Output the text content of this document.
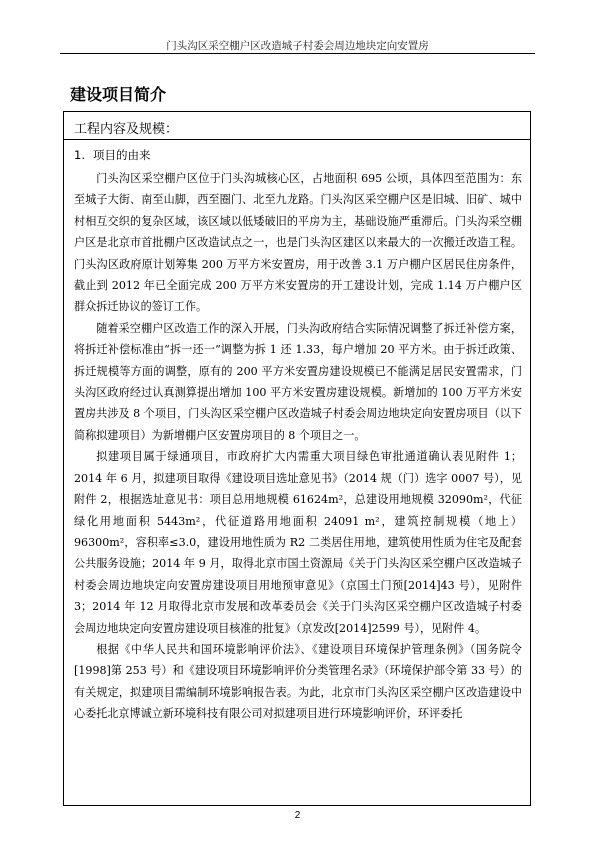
门头沟区采空棚户区改造城子村委会周边地块定向安置房
建设项目简介
工程内容及规模：
1. 项目的由来

门头沟区采空棚户区位于门头沟城核心区，占地面积 695 公顷，具体四至范围为：东至城子大街、南至山脚，西至圈门、北至九龙路。门头沟区采空棚户区是旧城、旧矿、城中村相互交织的复杂区域，该区域以低矮破旧的平房为主，基础设施严重滞后。门头沟采空棚户区是北京市首批棚户区改造试点之一，也是门头沟区建区以来最大的一次搬迁改造工程。门头沟区政府原计划筹集 200 万平方米安置房，用于改善 3.1 万户棚户区居民住房条件，截止到 2012 年已全面完成 200 万平方米安置房的开工建设计划，完成 1.14 万户棚户区群众拆迁协议的签订工作。

随着采空棚户区改造工作的深入开展，门头沟政府结合实际情况调整了拆迁补偿方案，将拆迁补偿标准由“拆一还一”调整为拆 1 还 1.33，每户增加 20 平方米。由于拆迁政策、拆迁规模等方面的调整，原有的 200 平方米安置房建设规模已不能满足居民安置需求，门头沟区政府经过认真测算提出增加 100 平方米安置房建设规模。新增加的 100 万平方米安置房共涉及 8 个项目，门头沟区采空棚户区改造城子村委会周边地块定向安置房项目（以下简称拟建项目）为新增棚户区安置房项目的 8 个项目之一。

拟建项目属于绿通项目，市政府扩大内需重大项目绿色审批通道确认表见附件 1；2014 年 6 月，拟建项目取得《建设项目选址意见书》（2014 规（门）选字 0007 号），见附件 2，根据选址意见书：项目总用地规模 61624m²，总建设用地规模 32090m²，代征绿化用地面积 5443m²，代征道路用地面积 24091 m²，建筑控制规模（地上）96300m²，容积率≤3.0，建设用地性质为 R2 二类居住用地，建筑使用性质为住宅及配套公共服务设施；2014 年 9 月，取得北京市国土资源局《关于门头沟区采空棚户区改造城子村委会周边地块定向安置房建设项目用地预审意见》（京国土门预[2014]43 号），见附件 3；2014 年 12 月取得北京市发展和改革委员会《关于门头沟区采空棚户区改造城子村委会周边地块定向安置房建设项目核准的批复》（京发改[2014]2599 号），见附件 4。

根据《中华人民共和国环境影响评价法》、《建设项目环境保护管理条例》（国务院令[1998]第 253 号）和《建设项目环境影响评价分类管理名录》（环境保护部令第 33 号）的有关规定，拟建项目需编制环境影响报告表。为此，北京市门头沟区采空棚户区改造建设中心委托北京博诚立新环境科技有限公司对拟建项目进行环境影响评价，环评委托

2
